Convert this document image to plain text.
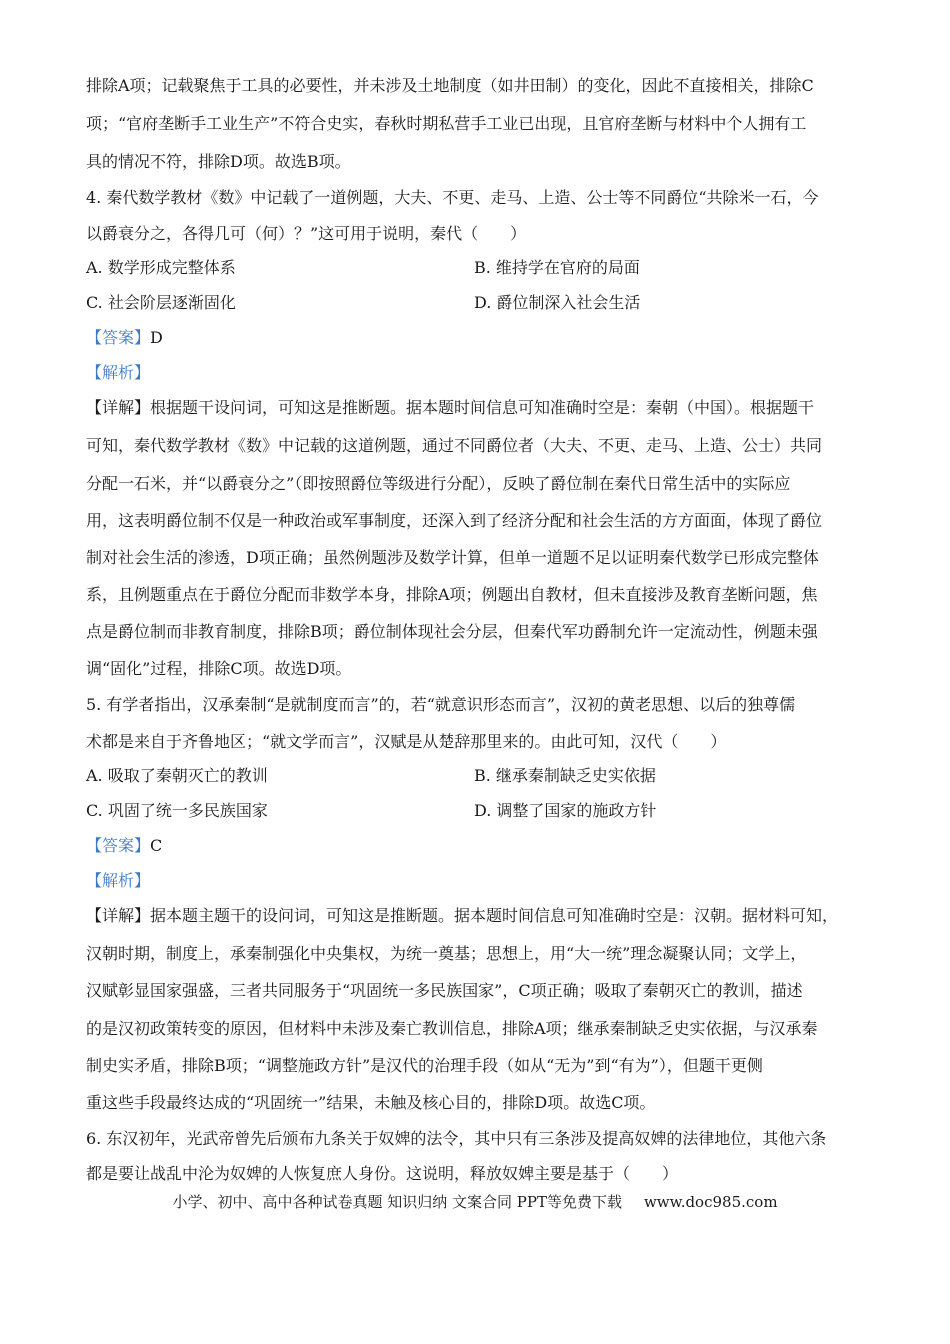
排除A项；记载聚焦于工具的必要性，并未涉及土地制度（如井田制）的变化，因此不直接相关，排除C
项；“官府垄断手工业生产”不符合史实，春秋时期私营手工业已出现，且官府垄断与材料中个人拥有工
具的情况不符，排除D项。故选B项。
4. 秦代数学教材《数》中记载了一道例题，大夫、不更、走马、上造、公士等不同爵位“共除米一石，今
以爵衰分之，各得几可（何）？”这可用于说明，秦代（　　）
A. 数学形成完整体系	B. 维持学在官府的局面
C. 社会阶层逐渐固化	D. 爵位制深入社会生活
【答案】D
【解析】
【详解】根据题干设问词，可知这是推断题。据本题时间信息可知准确时空是：秦朝（中国）。根据题干
可知，秦代数学教材《数》中记载的这道例题，通过不同爵位者（大夫、不更、走马、上造、公士）共同
分配一石米，并“以爵衰分之”（即按照爵位等级进行分配），反映了爵位制在秦代日常生活中的实际应
用，这表明爵位制不仅是一种政治或军事制度，还深入到了经济分配和社会生活的方方面面，体现了爵位
制对社会生活的渗透，D项正确；虽然例题涉及数学计算，但单一道题不足以证明秦代数学已形成完整体
系，且例题重点在于爵位分配而非数学本身，排除A项；例题出自教材，但未直接涉及教育垄断问题，焦
点是爵位制而非教育制度，排除B项；爵位制体现社会分层，但秦代军功爵制允许一定流动性，例题未强
调“固化”过程，排除C项。故选D项。
5. 有学者指出，汉承秦制“是就制度而言”的，若“就意识形态而言”，汉初的黄老思想、以后的独尊儒
术都是来自于齐鲁地区；“就文学而言”，汉赋是从楚辞那里来的。由此可知，汉代（　　）
A. 吸取了秦朝灭亡的教训	B. 继承秦制缺乏史实依据
C. 巩固了统一多民族国家	D. 调整了国家的施政方针
【答案】C
【解析】
【详解】据本题主题干的设问词，可知这是推断题。据本题时间信息可知准确时空是：汉朝。据材料可知，
汉朝时期，制度上，承秦制强化中央集权，为统一奠基；思想上，用“大一统”理念凝聚认同；文学上，
汉赋彰显国家强盛，三者共同服务于“巩固统一多民族国家”，C项正确；吸取了秦朝灭亡的教训，描述
的是汉初政策转变的原因，但材料中未涉及秦亡教训信息，排除A项；继承秦制缺乏史实依据，与汉承秦
制史实矛盾，排除B项；“调整施政方针”是汉代的治理手段（如从“无为”到“有为”），但题干更侧
重这些手段最终达成的“巩固统一”结果，未触及核心目的，排除D项。故选C项。
6. 东汉初年，光武帝曾先后颁布九条关于奴婢的法令，其中只有三条涉及提高奴婢的法律地位，其他六条
都是要让战乱中沦为奴婢的人恢复庶人身份。这说明，释放奴婢主要是基于（　　）
小学、初中、高中各种试卷真题 知识归纳 文案合同 PPT等免费下载 www.doc985.com
